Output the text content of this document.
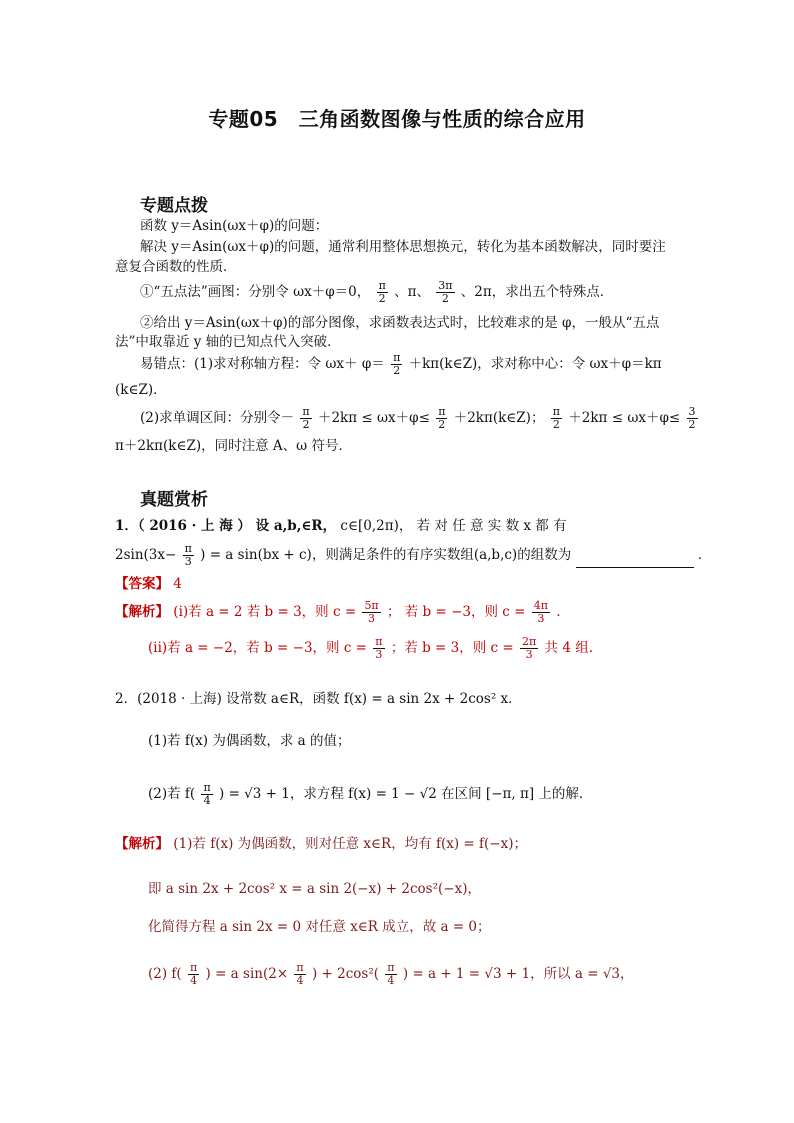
专题05　三角函数图像与性质的综合应用
专题点拨
函数 y＝Asin(ωx＋φ)的问题：
解决 y＝Asin(ωx＋φ)的问题，通常利用整体思想换元，转化为基本函数解决，同时要注
意复合函数的性质．
①“五点法”画图：分别令 ωx＋φ＝0， $\frac{\pi}{2}$ 、π、 $\frac{3\pi}{2}$ 、2π，求出五个特殊点．
②给出 y＝Asin(ωx＋φ)的部分图像，求函数表达式时，比较难求的是 φ，一般从“五点
法”中取靠近 y 轴的已知点代入突破．
易错点：(1)求对称轴方程：令 $\omega x+ \varphi= \frac{\pi}{2}$ ＋kπ(k∈Z)，求对称中心：令 ωx＋φ＝kπ
(k∈Z)．
(2)求单调区间：分别令－ $\frac{\pi}{2} +2k\pi \le \omega x+\varphi\le \frac{\pi}{2}$ ＋2kπ(k∈Z)； $\frac{\pi}{2} +2k\pi \le \omega x+\varphi\le \frac{3}{2}$
π＋2kπ(k∈Z)，同时注意 A、ω 符号．
真题赏析
1．（ 2016 · 上 海 ） 设 a,b,∈R， c∈[0,2π)， 若 对 任 意 实 数 x 都 有
$2\sin(3x- \frac{\pi}{3}$ ) = a sin(bx + c)，则满足条件的有序实数组(a,b,c)的组数为	．
【答案】 4
【解析】 (i)若 a = 2 若 b = 3，则 $c = \frac{5\pi}{3}$ ； 若 b = −3，则 $c = \frac{4\pi}{3}$ .
(ii)若 a = −2，若 b = −3，则 $c = \frac{\pi}{3}$ ；若 b = 3，则 $c = \frac{2\pi}{3}$ 共 4 组.
2．(2018 · 上海) 设常数 a∈R，函数 f(x) = a sin 2x + 2cos² x．
(1)若 f(x) 为偶函数，求 a 的值；
(2)若 $f( \frac{\pi}{4}$ ) = √3 + 1，求方程 f(x) = 1 − √2 在区间 [−π, π] 上的解．
【解析】 (1)若 f(x) 为偶函数，则对任意 x∈R，均有 f(x) = f(−x)；
即 a sin 2x + 2cos² x = a sin 2(−x) + 2cos²(−x)，
化简得方程 a sin 2x = 0 对任意 x∈R 成立，故 a = 0；
(2) $f( \frac{\pi}{4}$ ) = a $\sin(2\times \frac{\pi}{4}$ ) + $2\cos^2( \frac{\pi}{4}$ ) = a + 1 = √3 + 1，所以 a = √3，
